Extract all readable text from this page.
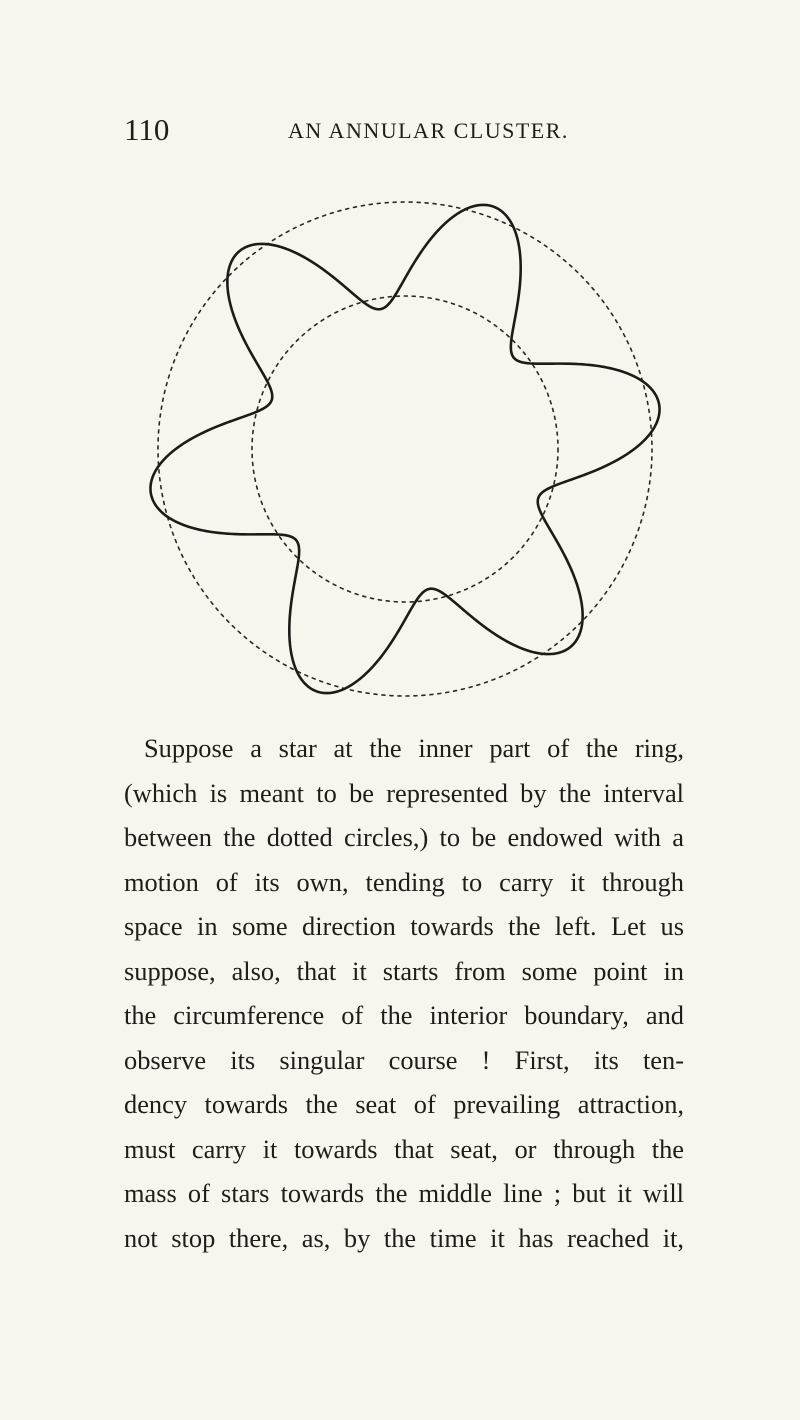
110	AN ANNULAR CLUSTER.
Suppose a star at the inner part of the ring,
(which is meant to be represented by the interval
between the dotted circles,) to be endowed with a
motion of its own, tending to carry it through
space in some direction towards the left. Let us
suppose, also, that it starts from some point in
the circumference of the interior boundary, and
observe its singular course ! First, its ten-
dency towards the seat of prevailing attraction,
must carry it towards that seat, or through the
mass of stars towards the middle line ; but it will
not stop there, as, by the time it has reached it,
